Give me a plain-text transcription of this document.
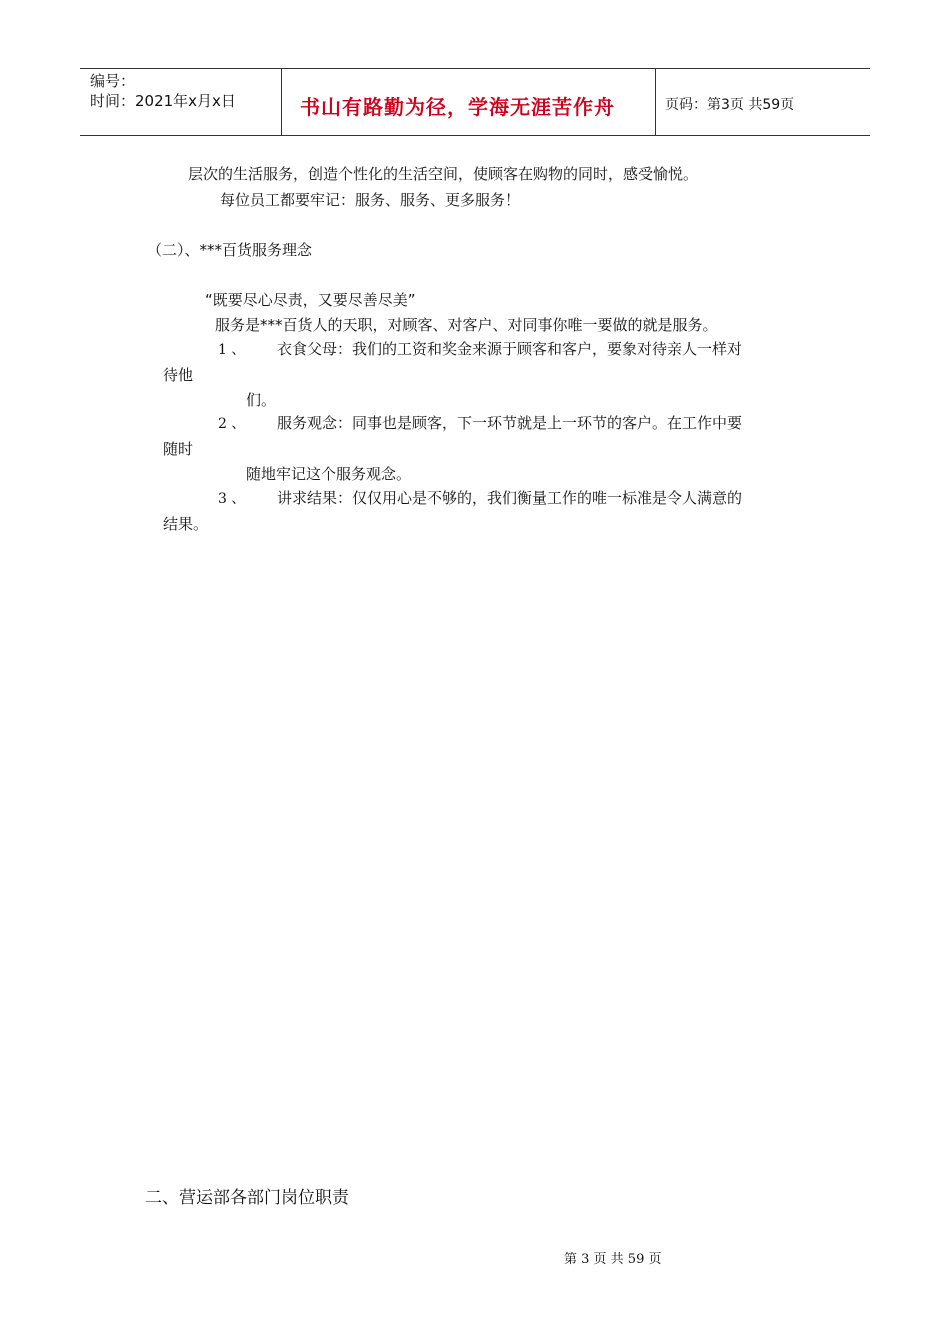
编号：
时间：2021年x月x日	书山有路勤为径，学海无涯苦作舟	页码：第3页 共59页
层次的生活服务，创造个性化的生活空间，使顾客在购物的同时，感受愉悦。
每位员工都要牢记：服务、服务、更多服务！
（二）、***百货服务理念
“既要尽心尽责，又要尽善尽美”
服务是***百货人的天职，对顾客、对客户、对同事你唯一要做的就是服务。
1 、 衣食父母：我们的工资和奖金来源于顾客和客户，要象对待亲人一样对
待他
们。
2 、 服务观念：同事也是顾客，下一环节就是上一环节的客户。在工作中要
随时
随地牢记这个服务观念。
3 、 讲求结果：仅仅用心是不够的，我们衡量工作的唯一标准是令人满意的
结果。
二、营运部各部门岗位职责
第 3 页 共 59 页
